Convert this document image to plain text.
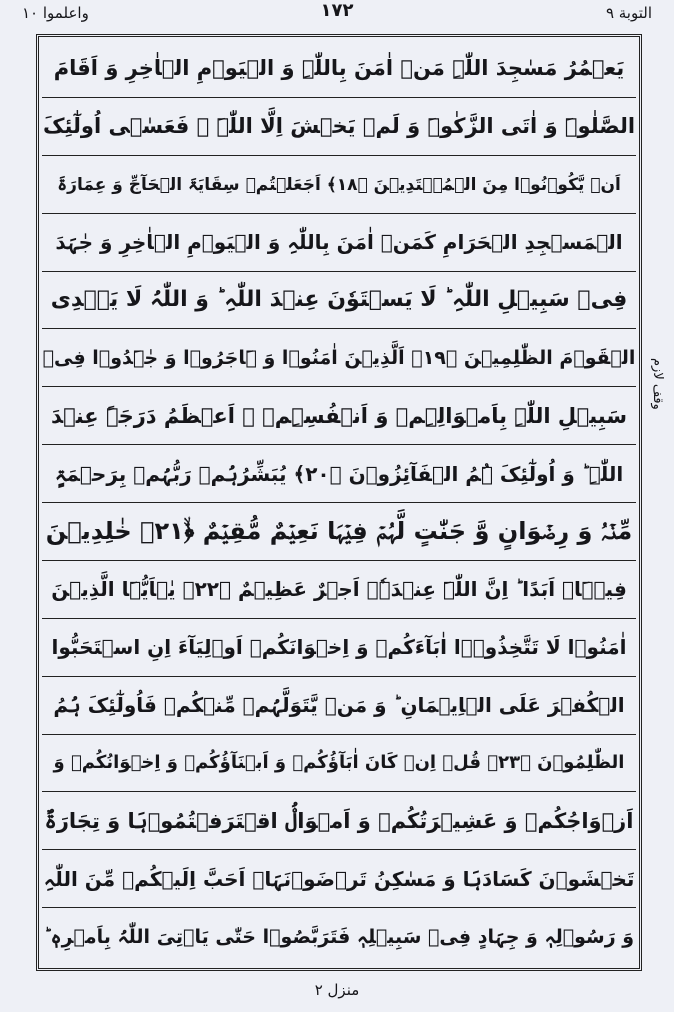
التوبة ۹
۱۷۲
واعلموا ۱۰
یَعۡمُرُ مَسٰجِدَ اللّٰہِ مَنۡ اٰمَنَ بِاللّٰہِ وَ الۡیَوۡمِ الۡاٰخِرِ وَ اَقَامَ
الصَّلٰوۃَ وَ اٰتَی الزَّکٰوۃَ وَ لَمۡ یَخۡشَ اِلَّا اللّٰہَ ۟ فَعَسٰۤی اُولٰٓئِکَ
اَنۡ یَّکُوۡنُوۡا مِنَ الۡمُہۡتَدِیۡنَ ﴿۱۸﴾ اَجَعَلۡتُمۡ سِقَایَۃَ الۡحَآجِّ وَ عِمَارَۃَ
الۡمَسۡجِدِ الۡحَرَامِ کَمَنۡ اٰمَنَ بِاللّٰہِ وَ الۡیَوۡمِ الۡاٰخِرِ وَ جٰہَدَ
فِیۡ سَبِیۡلِ اللّٰہِ ؕ لَا یَسۡتَوٗنَ عِنۡدَ اللّٰہِ ؕ وَ اللّٰہُ لَا یَہۡدِی
الۡقَوۡمَ الظّٰلِمِیۡنَ ﴿۱۹﴾ اَلَّذِیۡنَ اٰمَنُوۡا وَ ہَاجَرُوۡا وَ جٰہَدُوۡا فِیۡ
سَبِیۡلِ اللّٰہِ بِاَمۡوَالِہِمۡ وَ اَنۡفُسِہِمۡ ۙ اَعۡظَمُ دَرَجَۃً عِنۡدَ
اللّٰہِ ؕ وَ اُولٰٓئِکَ ہُمُ الۡفَآئِزُوۡنَ ﴿۲۰﴾ یُبَشِّرُہُمۡ رَبُّہُمۡ بِرَحۡمَۃٍ
مِّنۡہُ وَ رِضۡوَانٍ وَّ جَنّٰتٍ لَّہُمۡ فِیۡہَا نَعِیۡمٌ مُّقِیۡمٌ ﴿ۙ۲۱﴾ خٰلِدِیۡنَ
فِیۡہَاۤ اَبَدًا ؕ اِنَّ اللّٰہَ عِنۡدَہٗۤ اَجۡرٌ عَظِیۡمٌ ﴿۲۲﴾ یٰۤاَیُّہَا الَّذِیۡنَ
اٰمَنُوۡا لَا تَتَّخِذُوۡۤا اٰبَآءَکُمۡ وَ اِخۡوَانَکُمۡ اَوۡلِیَآءَ اِنِ اسۡتَحَبُّوا
الۡکُفۡرَ عَلَی الۡاِیۡمَانِ ؕ وَ مَنۡ یَّتَوَلَّہُمۡ مِّنۡکُمۡ فَاُولٰٓئِکَ ہُمُ
الظّٰلِمُوۡنَ ﴿۲۳﴾ قُلۡ اِنۡ کَانَ اٰبَآؤُکُمۡ وَ اَبۡنَآؤُکُمۡ وَ اِخۡوَانُکُمۡ وَ
اَزۡوَاجُکُمۡ وَ عَشِیۡرَتُکُمۡ وَ اَمۡوَالُۨ اقۡتَرَفۡتُمُوۡہَا وَ تِجَارَۃٌ
تَخۡشَوۡنَ کَسَادَہَا وَ مَسٰکِنُ تَرۡضَوۡنَہَاۤ اَحَبَّ اِلَیۡکُمۡ مِّنَ اللّٰہِ
وَ رَسُوۡلِہٖ وَ جِہَادٍ فِیۡ سَبِیۡلِہٖ فَتَرَبَّصُوۡا حَتّٰی یَاۡتِیَ اللّٰہُ بِاَمۡرِہٖ ؕ
وقف لازم
منزل ۲
